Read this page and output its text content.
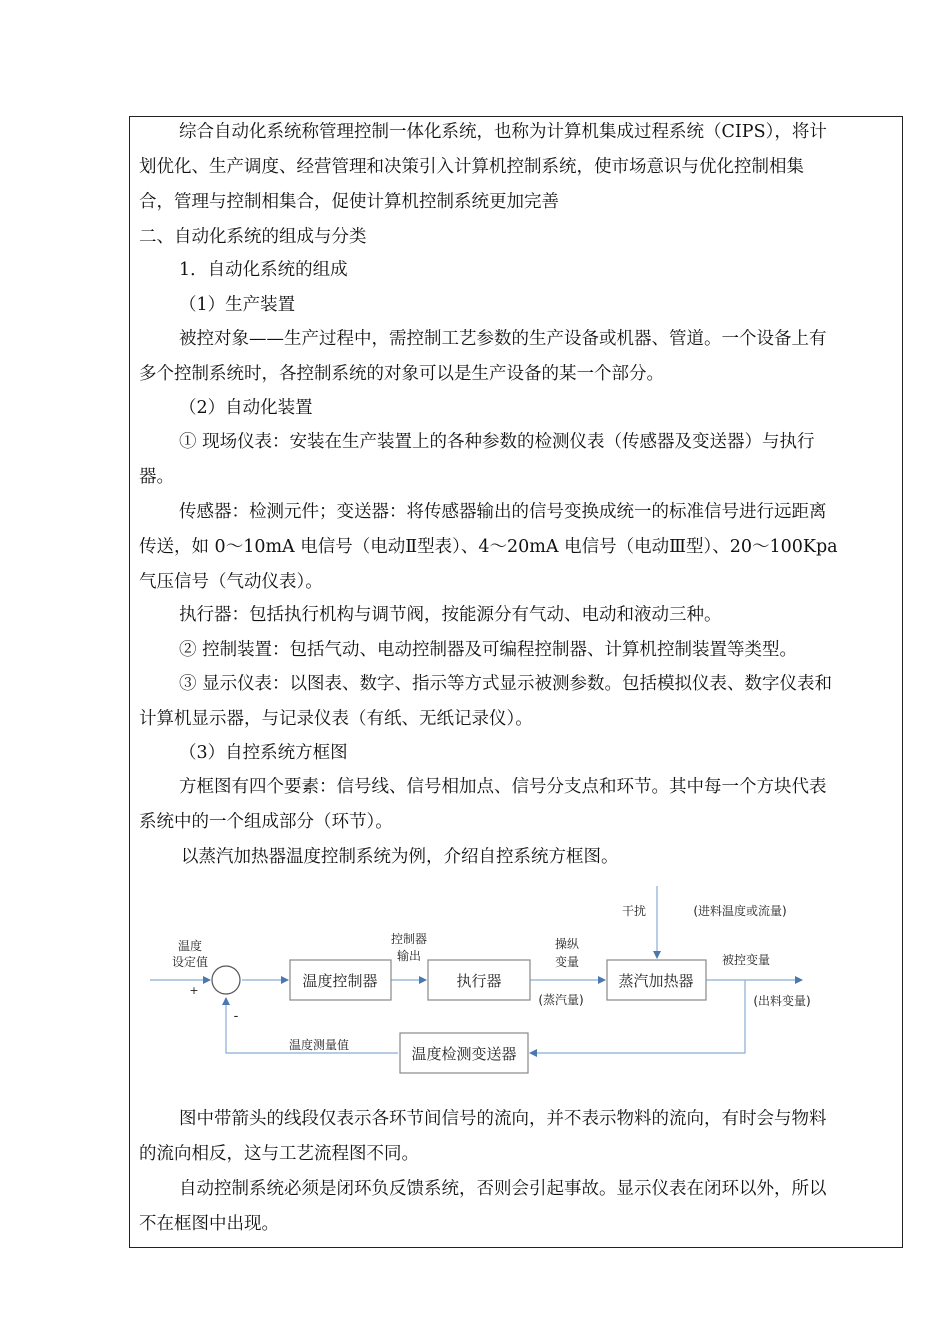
综合自动化系统称管理控制一体化系统，也称为计算机集成过程系统（CIPS），将计

划优化、生产调度、经营管理和决策引入计算机控制系统，使市场意识与优化控制相集

合，管理与控制相集合，促使计算机控制系统更加完善

二、自动化系统的组成与分类

1．自动化系统的组成

（1）生产装置

被控对象——生产过程中，需控制工艺参数的生产设备或机器、管道。一个设备上有

多个控制系统时，各控制系统的对象可以是生产设备的某一个部分。

（2）自动化装置

① 现场仪表：安装在生产装置上的各种参数的检测仪表（传感器及变送器）与执行

器。

传感器：检测元件；变送器：将传感器输出的信号变换成统一的标准信号进行远距离

传送，如 0～10mA 电信号（电动Ⅱ型表）、4～20mA 电信号（电动Ⅲ型）、20～100Kpa

气压信号（气动仪表）。

执行器：包括执行机构与调节阀，按能源分有气动、电动和液动三种。

② 控制装置：包括气动、电动控制器及可编程控制器、计算机控制装置等类型。

③ 显示仪表：以图表、数字、指示等方式显示被测参数。包括模拟仪表、数字仪表和

计算机显示器，与记录仪表（有纸、无纸记录仪）。

（3）自控系统方框图

方框图有四个要素：信号线、信号相加点、信号分支点和环节。其中每一个方块代表

系统中的一个组成部分（环节）。

以蒸汽加热器温度控制系统为例，介绍自控系统方框图。

温度控制器	执行器	蒸汽加热器
温度检测变送器
温度
设定值
+
-
控制器
输出
操纵
变量
(蒸汽量)
干扰	(进料温度或流量)
被控变量
(出料变量)
温度测量值

图中带箭头的线段仅表示各环节间信号的流向，并不表示物料的流向，有时会与物料

的流向相反，这与工艺流程图不同。

自动控制系统必须是闭环负反馈系统，否则会引起事故。显示仪表在闭环以外，所以

不在框图中出现。
